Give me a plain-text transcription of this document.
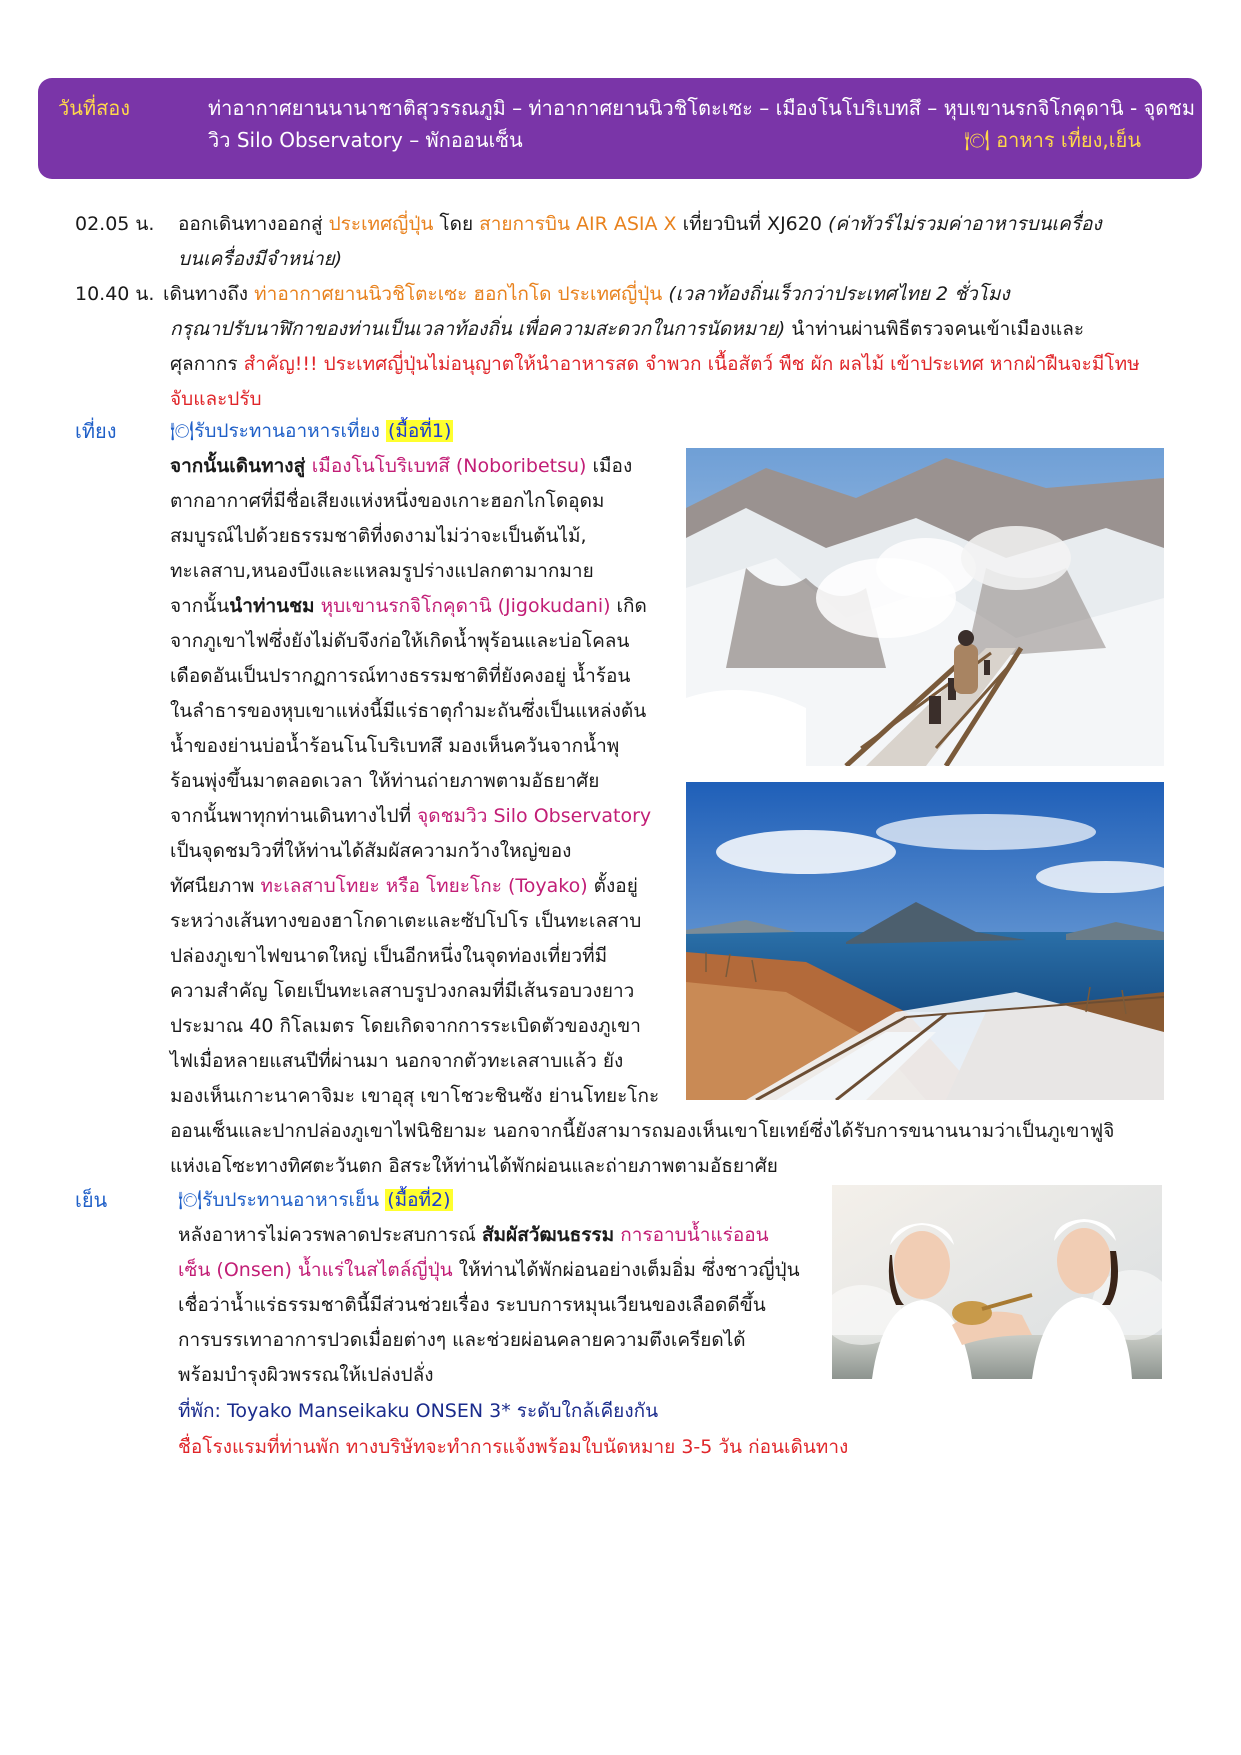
วันที่สอง	ท่าอากาศยานนานาชาติสุวรรณภูมิ – ท่าอากาศยานนิวชิโตะเซะ – เมืองโนโบริเบทสึ – หุบเขานรกจิโกคุดานิ - จุดชม
วิว Silo Observatory – พักออนเซ็น	🍽 อาหาร เที่ยง,เย็น
02.05 น. ออกเดินทางออกสู่ ประเทศญี่ปุ่น โดย สายการบิน AIR ASIA X เที่ยวบินที่ XJ620 (ค่าทัวร์ไม่รวมค่าอาหารบนเครื่อง
บนเครื่องมีจำหน่าย)
10.40 น. เดินทางถึง ท่าอากาศยานนิวชิโตะเซะ ฮอกไกโด ประเทศญี่ปุ่น (เวลาท้องถิ่นเร็วกว่าประเทศไทย 2 ชั่วโมง
กรุณาปรับนาฬิกาของท่านเป็นเวลาท้องถิ่น เพื่อความสะดวกในการนัดหมาย) นำท่านผ่านพิธีตรวจคนเข้าเมืองและ
ศุลกากร สำคัญ!!! ประเทศญี่ปุ่นไม่อนุญาตให้นำอาหารสด จำพวก เนื้อสัตว์ พืช ผัก ผลไม้ เข้าประเทศ หากฝ่าฝืนจะมีโทษ
จับและปรับ
เที่ยง	🍽รับประทานอาหารเที่ยง (มื้อที่1)
จากนั้นเดินทางสู่ เมืองโนโบริเบทสึ (Noboribetsu) เมือง
ตากอากาศที่มีชื่อเสียงแห่งหนึ่งของเกาะฮอกไกโดอุดม
สมบูรณ์ไปด้วยธรรมชาติที่งดงามไม่ว่าจะเป็นต้นไม้,
ทะเลสาบ,หนองบึงและแหลมรูปร่างแปลกตามากมาย
จากนั้นนำท่านชม หุบเขานรกจิโกคุดานิ (Jigokudani) เกิด
จากภูเขาไฟซึ่งยังไม่ดับจึงก่อให้เกิดน้ำพุร้อนและบ่อโคลน
เดือดอันเป็นปรากฏการณ์ทางธรรมชาติที่ยังคงอยู่ น้ำร้อน
ในลำธารของหุบเขาแห่งนี้มีแร่ธาตุกำมะถันซึ่งเป็นแหล่งต้น
น้ำของย่านบ่อน้ำร้อนโนโบริเบทสึ มองเห็นควันจากน้ำพุ
ร้อนพุ่งขึ้นมาตลอดเวลา ให้ท่านถ่ายภาพตามอัธยาศัย
จากนั้นพาทุกท่านเดินทางไปที่ จุดชมวิว Silo Observatory
เป็นจุดชมวิวที่ให้ท่านได้สัมผัสความกว้างใหญ่ของ
ทัศนียภาพ ทะเลสาบโทยะ หรือ โทยะโกะ (Toyako) ตั้งอยู่
ระหว่างเส้นทางของฮาโกดาเตะและซัปโปโร เป็นทะเลสาบ
ปล่องภูเขาไฟขนาดใหญ่ เป็นอีกหนึ่งในจุดท่องเที่ยวที่มี
ความสำคัญ โดยเป็นทะเลสาบรูปวงกลมที่มีเส้นรอบวงยาว
ประมาณ 40 กิโลเมตร โดยเกิดจากการระเบิดตัวของภูเขา
ไฟเมื่อหลายแสนปีที่ผ่านมา นอกจากตัวทะเลสาบแล้ว ยัง
มองเห็นเกาะนาคาจิมะ เขาอุสุ เขาโชวะชินซัง ย่านโทยะโกะ
ออนเซ็นและปากปล่องภูเขาไฟนิชิยามะ นอกจากนี้ยังสามารถมองเห็นเขาโยเทย์ซึ่งได้รับการขนานนามว่าเป็นภูเขาฟูจิ
แห่งเอโซะทางทิศตะวันตก อิสระให้ท่านได้พักผ่อนและถ่ายภาพตามอัธยาศัย
เย็น	🍽รับประทานอาหารเย็น (มื้อที่2)
หลังอาหารไม่ควรพลาดประสบการณ์ สัมผัสวัฒนธรรม การอาบน้ำแร่ออน
เซ็น (Onsen) น้ำแร่ในสไตล์ญี่ปุ่น ให้ท่านได้พักผ่อนอย่างเต็มอิ่ม ซึ่งชาวญี่ปุ่น
เชื่อว่าน้ำแร่ธรรมชาตินี้มีส่วนช่วยเรื่อง ระบบการหมุนเวียนของเลือดดีขึ้น
การบรรเทาอาการปวดเมื่อยต่างๆ และช่วยผ่อนคลายความตึงเครียดได้
พร้อมบำรุงผิวพรรณให้เปล่งปลั่ง
ที่พัก: Toyako Manseikaku ONSEN 3* ระดับใกล้เคียงกัน
ชื่อโรงแรมที่ท่านพัก ทางบริษัทจะทำการแจ้งพร้อมใบนัดหมาย 3-5 วัน ก่อนเดินทาง
